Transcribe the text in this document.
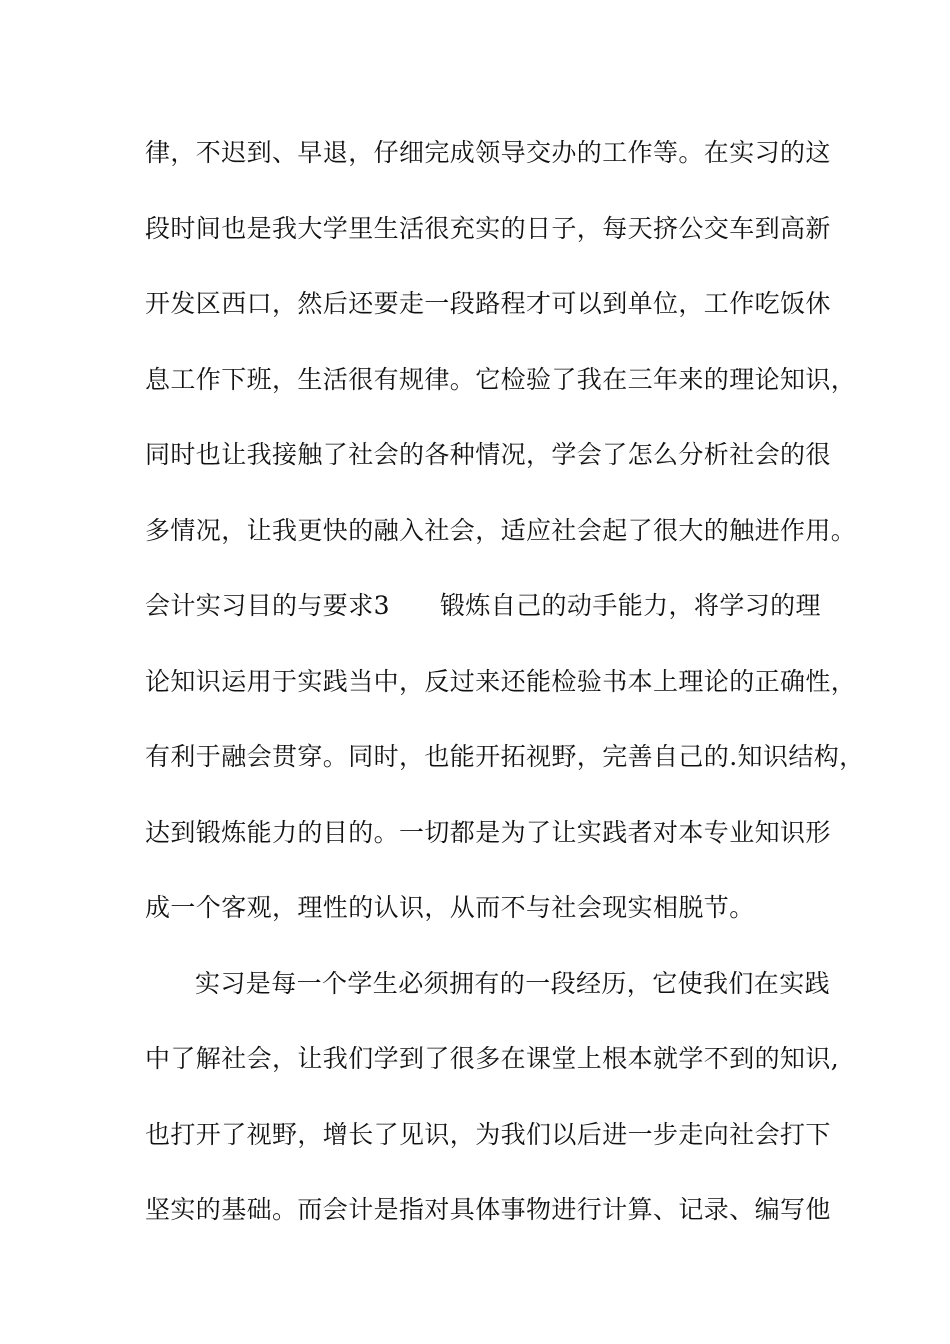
律，不迟到、早退，仔细完成领导交办的工作等。在实习的这
段时间也是我大学里生活很充实的日子，每天挤公交车到高新
开发区西口，然后还要走一段路程才可以到单位，工作吃饭休
息工作下班，生活很有规律。它检验了我在三年来的理论知识，
同时也让我接触了社会的各种情况，学会了怎么分析社会的很
多情况，让我更快的融入社会，适应社会起了很大的触进作用。
会计实习目的与要求3 锻炼自己的动手能力，将学习的理
论知识运用于实践当中，反过来还能检验书本上理论的正确性，
有利于融会贯穿。同时，也能开拓视野，完善自己的.知识结构，
达到锻炼能力的目的。一切都是为了让实践者对本专业知识形
成一个客观，理性的认识，从而不与社会现实相脱节。
实习是每一个学生必须拥有的一段经历，它使我们在实践
中了解社会，让我们学到了很多在课堂上根本就学不到的知识,
也打开了视野，增长了见识，为我们以后进一步走向社会打下
坚实的基础。而会计是指对具体事物进行计算、记录、编写他
